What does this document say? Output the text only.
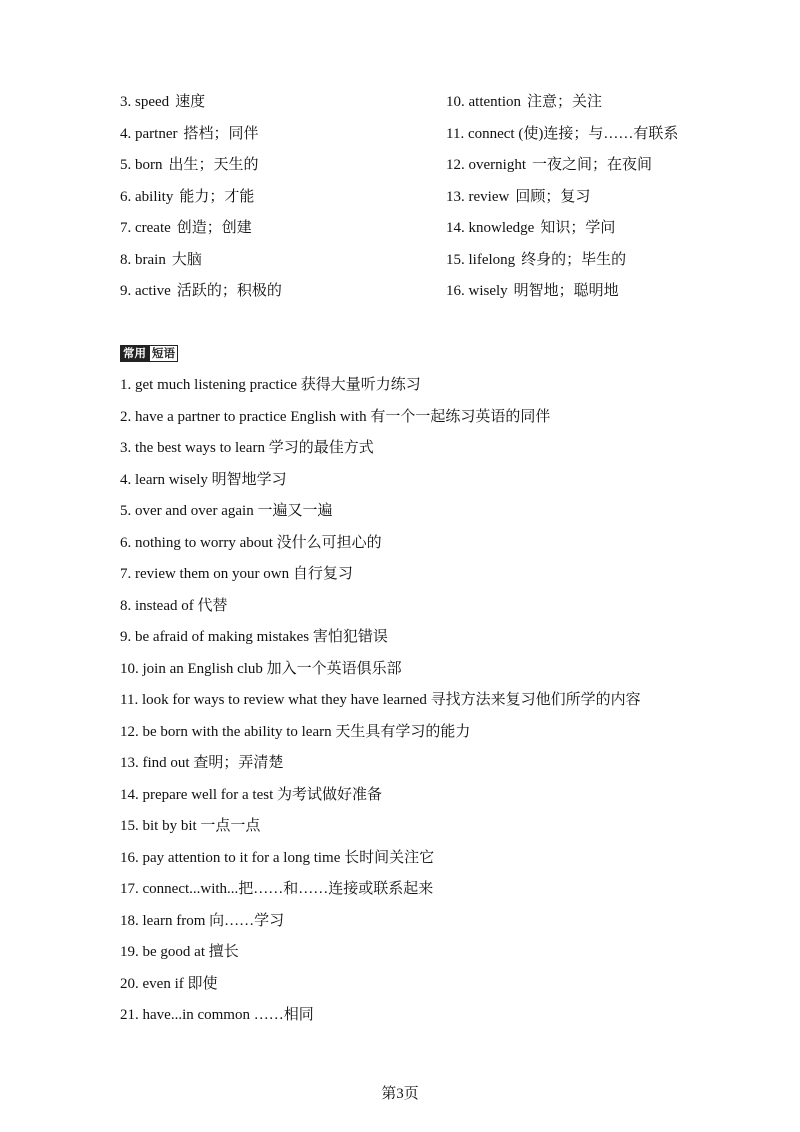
3. speed 速度
4. partner 搭档；同伴
5. born 出生；天生的
6. ability 能力；才能
7. create 创造；创建
8. brain 大脑
9. active 活跃的；积极的
10. attention 注意；关注
11. connect (使)连接；与……有联系
12. overnight 一夜之间；在夜间
13. review 回顾；复习
14. knowledge 知识；学问
15. lifelong 终身的；毕生的
16. wisely 明智地；聪明地
常用 短语
1. get much listening practice 获得大量听力练习
2. have a partner to practice English with 有一个一起练习英语的同伴
3. the best ways to learn 学习的最佳方式
4. learn wisely 明智地学习
5. over and over again 一遍又一遍
6. nothing to worry about 没什么可担心的
7. review them on your own 自行复习
8. instead of 代替
9. be afraid of making mistakes 害怕犯错误
10. join an English club 加入一个英语俱乐部
11. look for ways to review what they have learned 寻找方法来复习他们所学的内容
12. be born with the ability to learn 天生具有学习的能力
13. find out 查明；弄清楚
14. prepare well for a test 为考试做好准备
15. bit by bit 一点一点
16. pay attention to it for a long time 长时间关注它
17. connect...with...把……和……连接或联系起来
18. learn from 向……学习
19. be good at 擅长
20. even if 即使
21. have...in common ……相同
第3页
